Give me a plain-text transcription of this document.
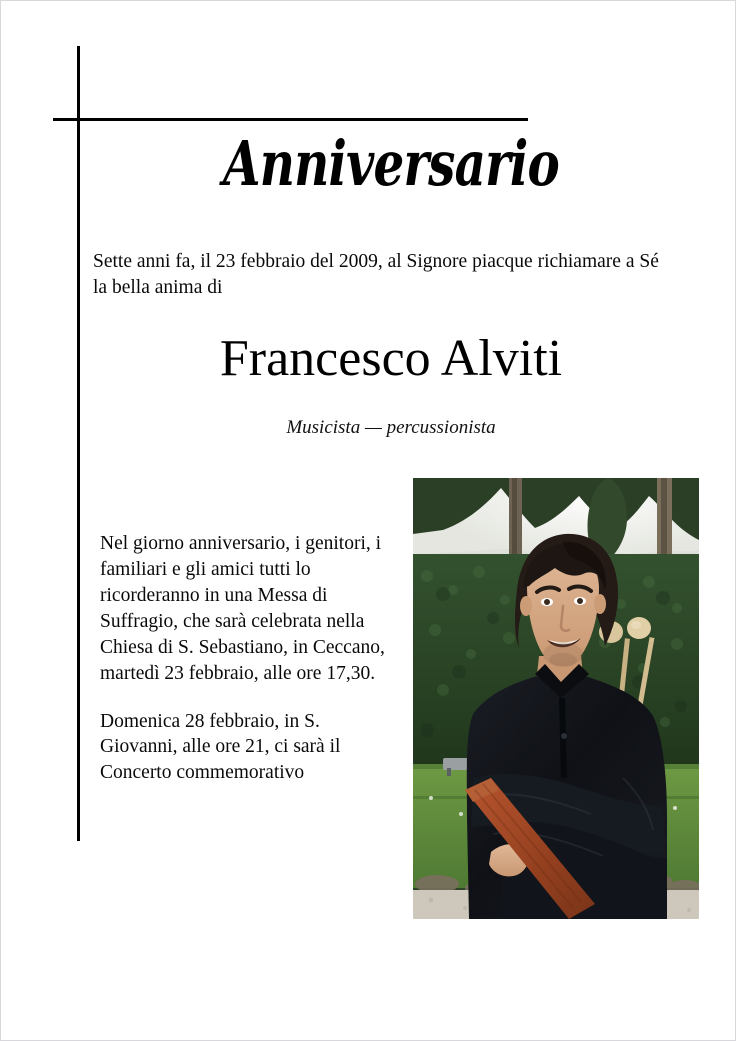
Anniversario
Sette anni fa, il 23 febbraio del 2009, al Signore piacque richiamare a Sé la bella anima di
Francesco Alviti
Musicista — percussionista

Nel giorno anniversario, i genitori, i familiari e gli amici tutti lo ricorderanno in una Messa di Suffragio, che sarà celebrata nella Chiesa di S. Sebastiano, in Ceccano, martedì 23 febbraio, alle ore 17,30.

Domenica 28 febbraio, in S. Giovanni, alle ore 21, ci sarà il Concerto commemorativo
